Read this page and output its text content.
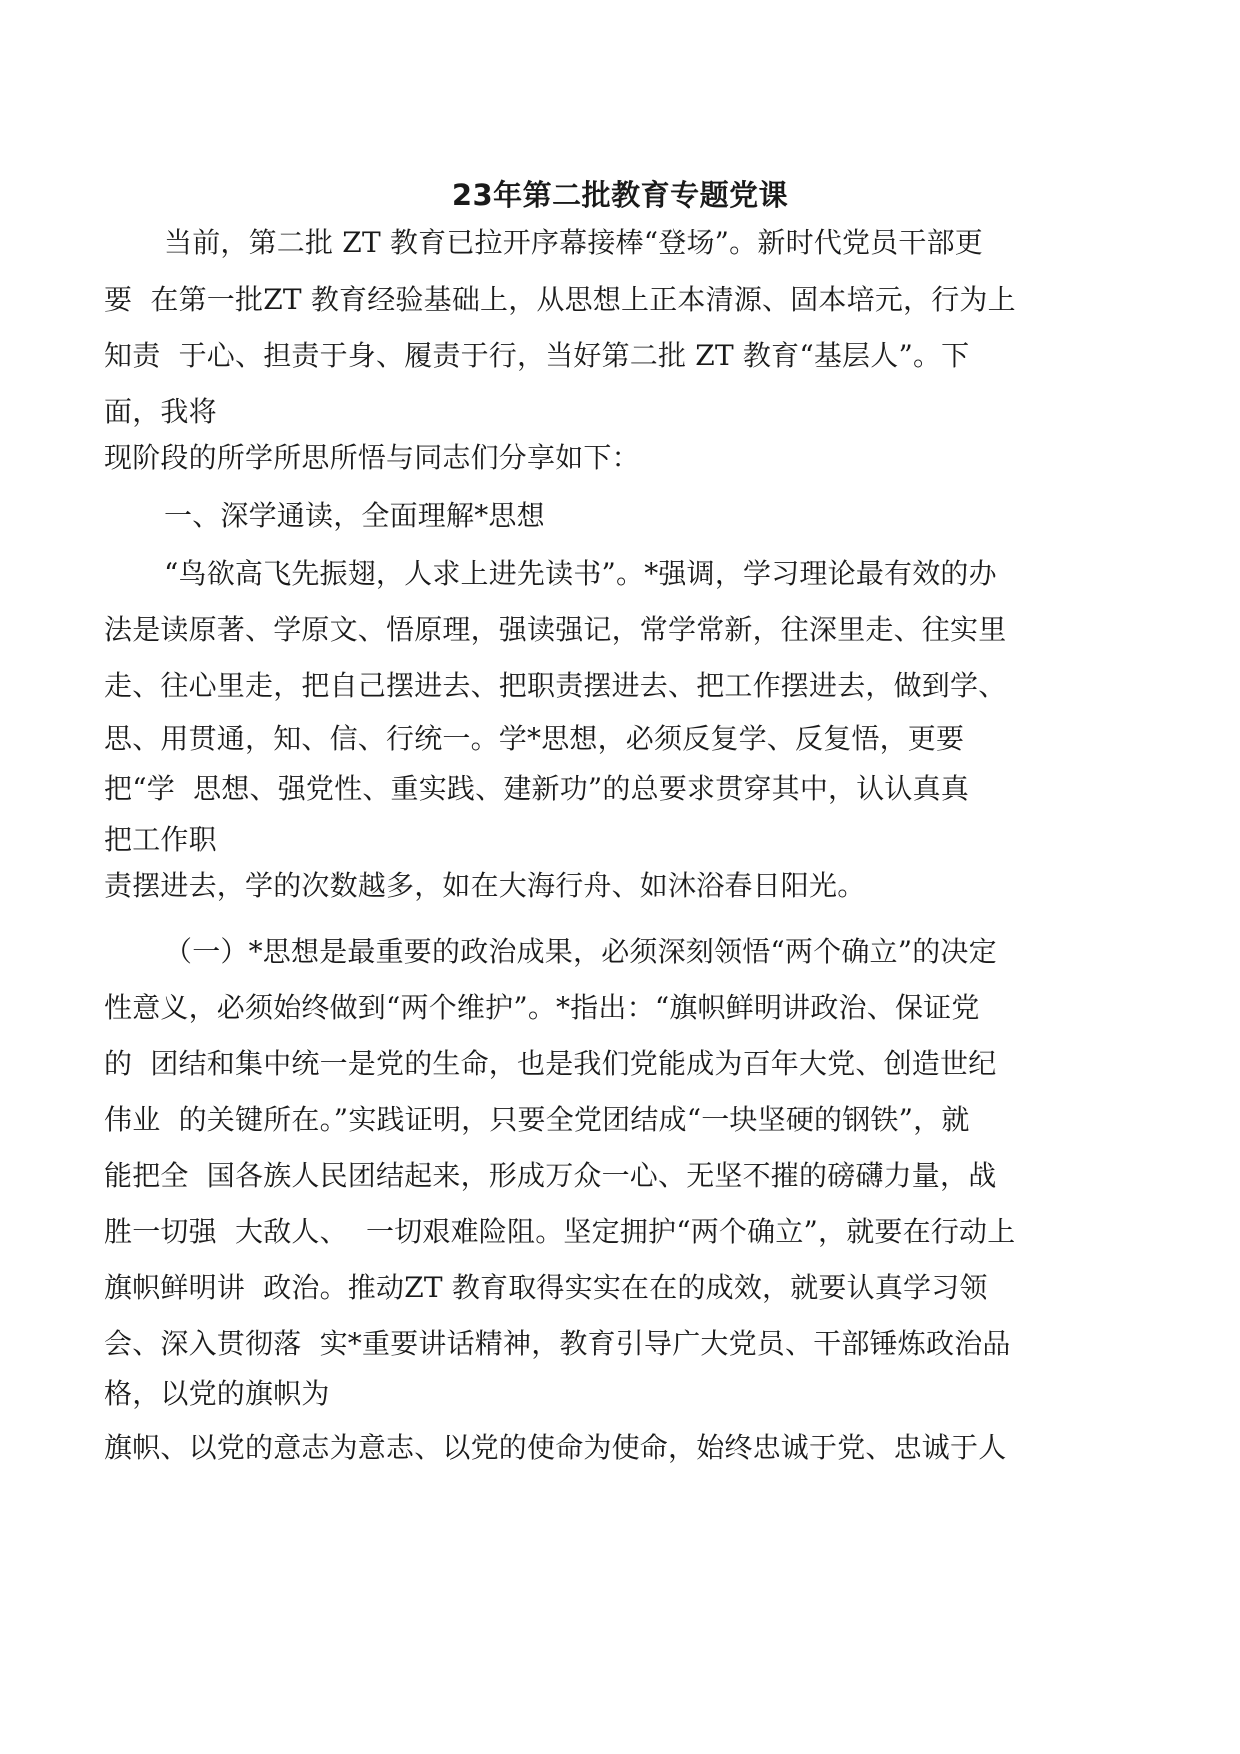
23年第二批教育专题党课
当前，第二批 ZT 教育已拉开序幕接棒“登场”。新时代党员干部更
要  在第一批ZT 教育经验基础上，从思想上正本清源、固本培元，行为上
知责  于心、担责于身、履责于行，当好第二批 ZT 教育“基层人”。下
面，我将
现阶段的所学所思所悟与同志们分享如下：
一、深学通读，全面理解*思想
“鸟欲高飞先振翅，人求上进先读书”。*强调，学习理论最有效的办
法是读原著、学原文、悟原理，强读强记，常学常新，往深里走、往实里
走、往心里走，把自己摆进去、把职责摆进去、把工作摆进去，做到学、
思、用贯通，知、信、行统一。学*思想，必须反复学、反复悟，更要
把“学  思想、强党性、重实践、建新功”的总要求贯穿其中，认认真真
把工作职
责摆进去，学的次数越多，如在大海行舟、如沐浴春日阳光。
（一）*思想是最重要的政治成果，必须深刻领悟“两个确立”的决定
性意义，必须始终做到“两个维护”。*指出：“旗帜鲜明讲政治、保证党
的  团结和集中统一是党的生命，也是我们党能成为百年大党、创造世纪
伟业  的关键所在。”实践证明，只要全党团结成“一块坚硬的钢铁”，就
能把全  国各族人民团结起来，形成万众一心、无坚不摧的磅礴力量，战
胜一切强  大敌人、  一切艰难险阻。坚定拥护“两个确立”，就要在行动上
旗帜鲜明讲  政治。推动ZT 教育取得实实在在的成效，就要认真学习领
会、深入贯彻落  实*重要讲话精神，教育引导广大党员、干部锤炼政治品
格，以党的旗帜为
旗帜、以党的意志为意志、以党的使命为使命，始终忠诚于党、忠诚于人
